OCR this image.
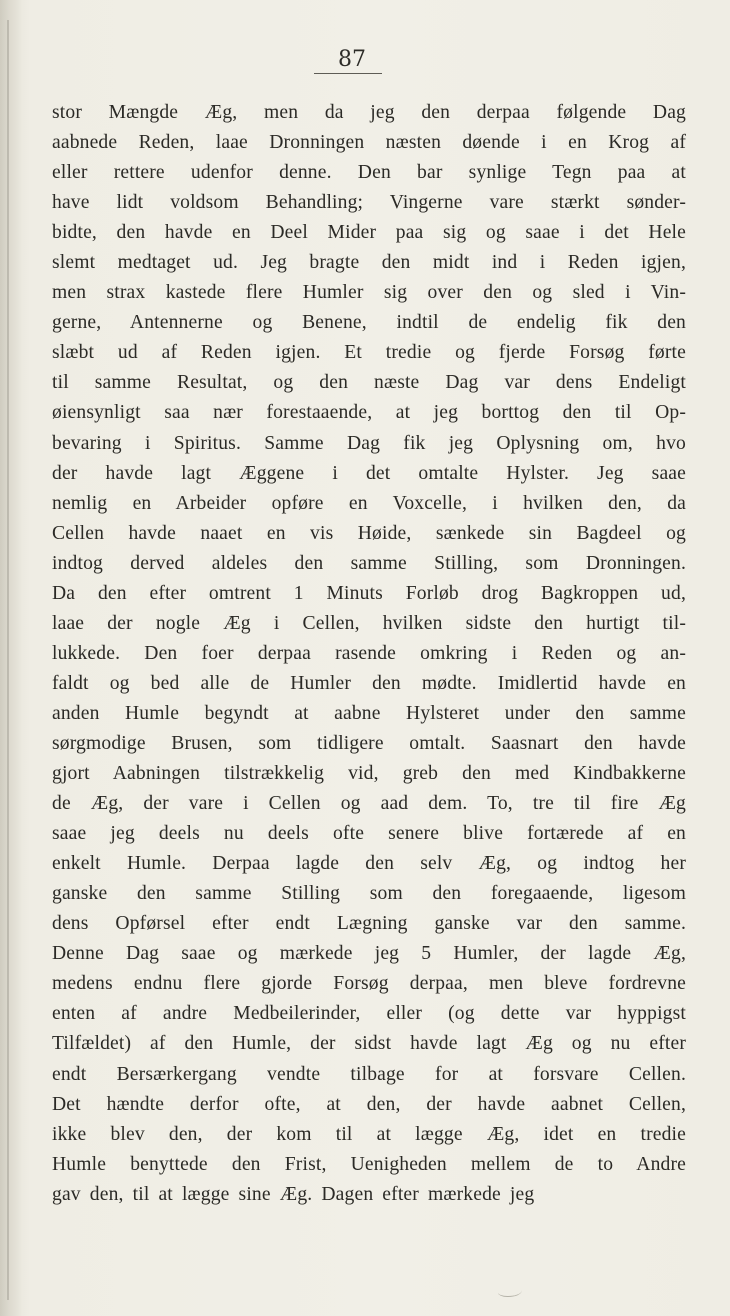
87
stor Mængde Æg, men da jeg den derpaa følgende Dag
aabnede Reden, laae Dronningen næsten døende i en Krog af
eller rettere udenfor denne. Den bar synlige Tegn paa at
have lidt voldsom Behandling; Vingerne vare stærkt sønder-
bidte, den havde en Deel Mider paa sig og saae i det Hele
slemt medtaget ud. Jeg bragte den midt ind i Reden igjen,
men strax kastede flere Humler sig over den og sled i Vin-
gerne, Antennerne og Benene, indtil de endelig fik den
slæbt ud af Reden igjen. Et tredie og fjerde Forsøg førte
til samme Resultat, og den næste Dag var dens Endeligt
øiensynligt saa nær forestaaende, at jeg borttog den til Op-
bevaring i Spiritus. Samme Dag fik jeg Oplysning om, hvo
der havde lagt Æggene i det omtalte Hylster. Jeg saae
nemlig en Arbeider opføre en Voxcelle, i hvilken den, da
Cellen havde naaet en vis Høide, sænkede sin Bagdeel og
indtog derved aldeles den samme Stilling, som Dronningen.
Da den efter omtrent 1 Minuts Forløb drog Bagkroppen ud,
laae der nogle Æg i Cellen, hvilken sidste den hurtigt til-
lukkede. Den foer derpaa rasende omkring i Reden og an-
faldt og bed alle de Humler den mødte. Imidlertid havde en
anden Humle begyndt at aabne Hylsteret under den samme
sørgmodige Brusen, som tidligere omtalt. Saasnart den havde
gjort Aabningen tilstrækkelig vid, greb den med Kindbakkerne
de Æg, der vare i Cellen og aad dem. To, tre til fire Æg
saae jeg deels nu deels ofte senere blive fortærede af en
enkelt Humle. Derpaa lagde den selv Æg, og indtog her
ganske den samme Stilling som den foregaaende, ligesom
dens Opførsel efter endt Lægning ganske var den samme.
Denne Dag saae og mærkede jeg 5 Humler, der lagde Æg,
medens endnu flere gjorde Forsøg derpaa, men bleve fordrevne
enten af andre Medbeilerinder, eller (og dette var hyppigst
Tilfældet) af den Humle, der sidst havde lagt Æg og nu efter
endt Bersærkergang vendte tilbage for at forsvare Cellen.
Det hændte derfor ofte, at den, der havde aabnet Cellen,
ikke blev den, der kom til at lægge Æg, idet en tredie
Humle benyttede den Frist, Uenigheden mellem de to Andre
gav den, til at lægge sine Æg. Dagen efter mærkede jeg
